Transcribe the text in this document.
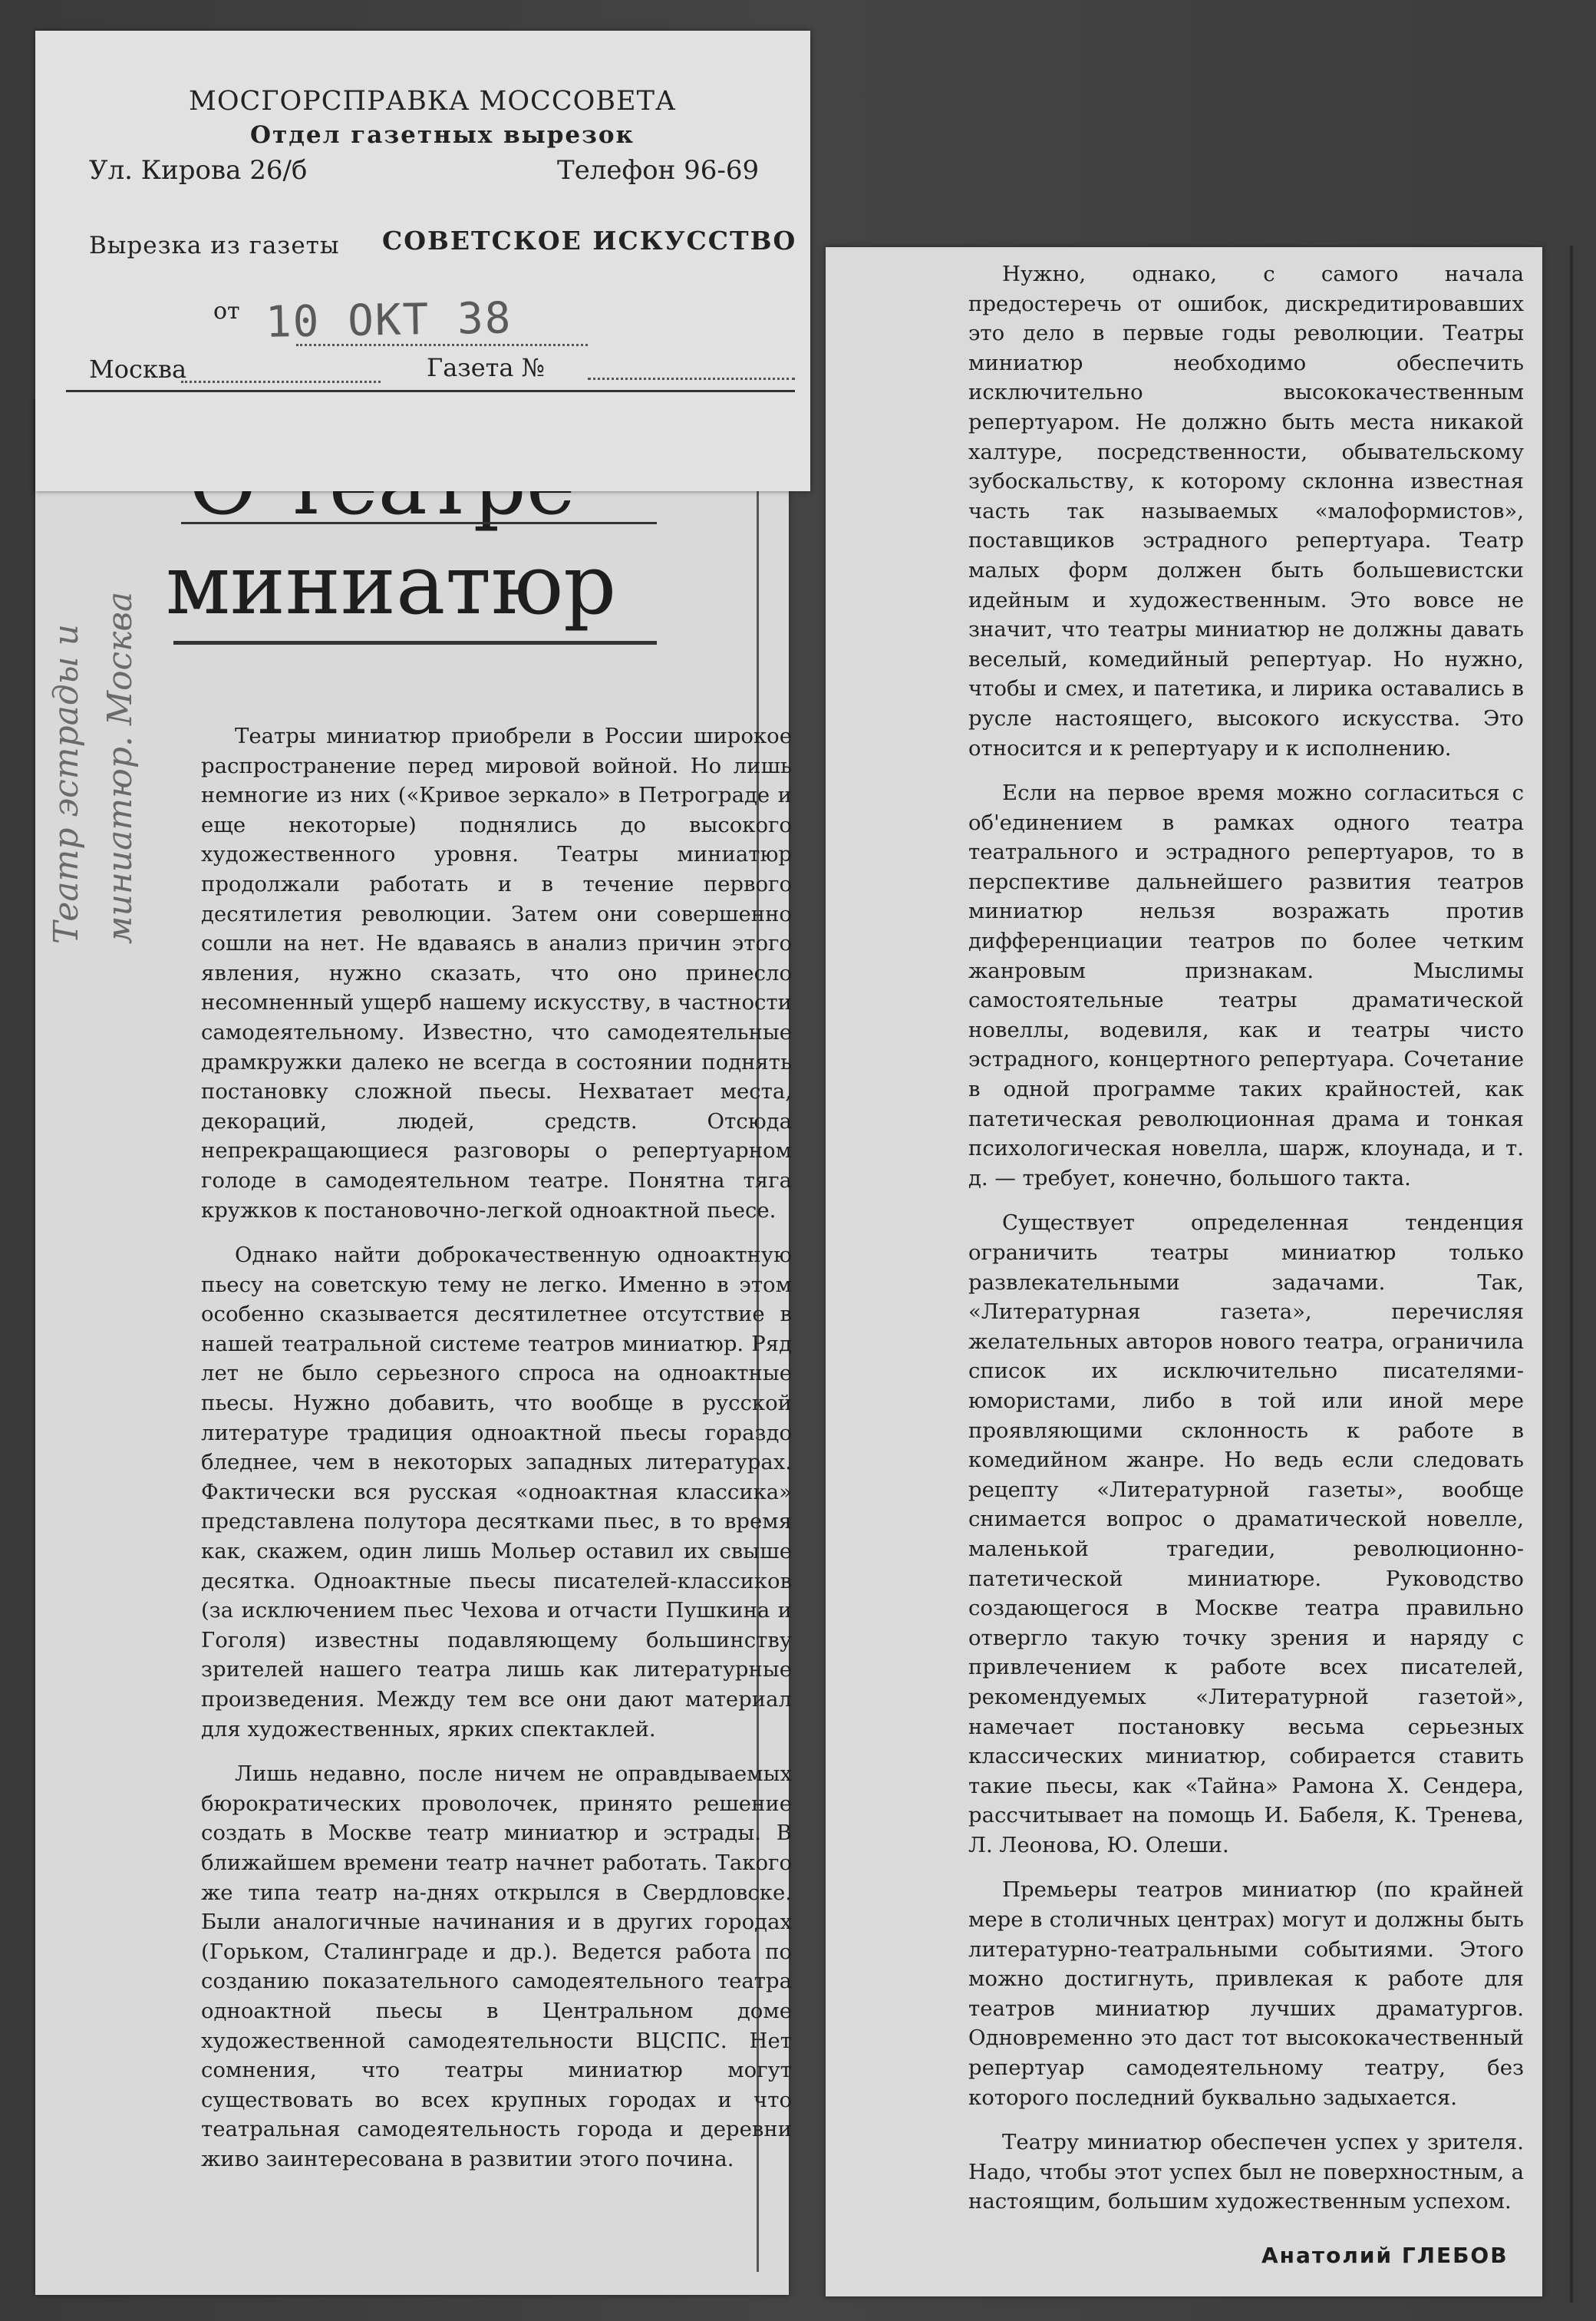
Театр эстрады и миниатюр. Москва
миниатюр

Театры миниатюр приобрели в России широкое распространение перед мировой войной. Но лишь немногие из них («Кривое зеркало» в Петрограде и еще некоторые) поднялись до высокого художественного уровня. Театры миниатюр продолжали работать и в течение первого десятилетия революции. Затем они совершенно сошли на нет. Не вдаваясь в анализ причин этого явления, нужно сказать, что оно принесло несомненный ущерб нашему искусству, в частности самодеятельному. Известно, что самодеятельные драмкружки далеко не всегда в состоянии поднять постановку сложной пьесы. Нехватает места, декораций, людей, средств. Отсюда непрекращающиеся разговоры о репертуарном голоде в самодеятельном театре. Понятна тяга кружков к постановочно-легкой одноактной пьесе.

Однако найти доброкачественную одноактную пьесу на советскую тему не легко. Именно в этом особенно сказывается десятилетнее отсутствие в нашей театральной системе театров миниатюр. Ряд лет не было серьезного спроса на одноактные пьесы. Нужно добавить, что вообще в русской литературе традиция одноактной пьесы гораздо бледнее, чем в некоторых западных литературах. Фактически вся русская «одноактная классика» представлена полутора десятками пьес, в то время как, скажем, один лишь Мольер оставил их свыше десятка. Одноактные пьесы писателей-классиков (за исключением пьес Чехова и отчасти Пушкина и Гоголя) известны подавляющему большинству зрителей нашего театра лишь как литературные произведения. Между тем все они дают материал для художественных, ярких спектаклей.

Лишь недавно, после ничем не оправдываемых бюрократических проволочек, принято решение создать в Москве театр миниатюр и эстрады. В ближайшем времени театр начнет работать. Такого же типа театр на-днях открылся в Свердловске. Были аналогичные начинания и в других городах (Горьком, Сталинграде и др.). Ведется работа по созданию показательного самодеятельного театра одноактной пьесы в Центральном доме художественной самодеятельности ВЦСПС. Нет сомнения, что театры миниатюр могут существовать во всех крупных городах и что театральная самодеятельность города и деревни живо заинтересована в развитии этого почина.

МОСГОРСПРАВКА МОССОВЕТА
Отдел газетных вырезок
Ул. Кирова 26/б	Телефон 96-69
Вырезка из газеты СОВЕТСКОЕ ИСКУССТВО
от 10 ОКТ 38
Москва	Газета №

Нужно, однако, с самого начала предостеречь от ошибок, дискредитировавших это дело в первые годы революции. Театры миниатюр необходимо обеспечить исключительно высококачественным репертуаром. Не должно быть места никакой халтуре, посредственности, обывательскому зубоскальству, к которому склонна известная часть так называемых «малоформистов», поставщиков эстрадного репертуара. Театр малых форм должен быть большевистски идейным и художественным. Это вовсе не значит, что театры миниатюр не должны давать веселый, комедийный репертуар. Но нужно, чтобы и смех, и патетика, и лирика оставались в русле настоящего, высокого искусства. Это относится и к репертуару и к исполнению.

Если на первое время можно согласиться с об'единением в рамках одного театра театрального и эстрадного репертуаров, то в перспективе дальнейшего развития театров миниатюр нельзя возражать против дифференциации театров по более четким жанровым признакам. Мыслимы самостоятельные театры драматической новеллы, водевиля, как и театры чисто эстрадного, концертного репертуара. Сочетание в одной программе таких крайностей, как патетическая революционная драма и тонкая психологическая новелла, шарж, клоунада, и т. д. — требует, конечно, большого такта.

Существует определенная тенденция ограничить театры миниатюр только развлекательными задачами. Так, «Литературная газета», перечисляя желательных авторов нового театра, ограничила список их исключительно писателями-юмористами, либо в той или иной мере проявляющими склонность к работе в комедийном жанре. Но ведь если следовать рецепту «Литературной газеты», вообще снимается вопрос о драматической новелле, маленькой трагедии, революционно-патетической миниатюре. Руководство создающегося в Москве театра правильно отвергло такую точку зрения и наряду с привлечением к работе всех писателей, рекомендуемых «Литературной газетой», намечает постановку весьма серьезных классических миниатюр, собирается ставить такие пьесы, как «Тайна» Рамона Х. Сендера, рассчитывает на помощь И. Бабеля, К. Тренева, Л. Леонова, Ю. Олеши.

Премьеры театров миниатюр (по крайней мере в столичных центрах) могут и должны быть литературно-театральными событиями. Этого можно достигнуть, привлекая к работе для театров миниатюр лучших драматургов. Одновременно это даст тот высококачественный репертуар самодеятельному театру, без которого последний буквально задыхается.

Театру миниатюр обеспечен успех у зрителя. Надо, чтобы этот успех был не поверхностным, а настоящим, большим художественным успехом.

Анатолий ГЛЕБОВ
